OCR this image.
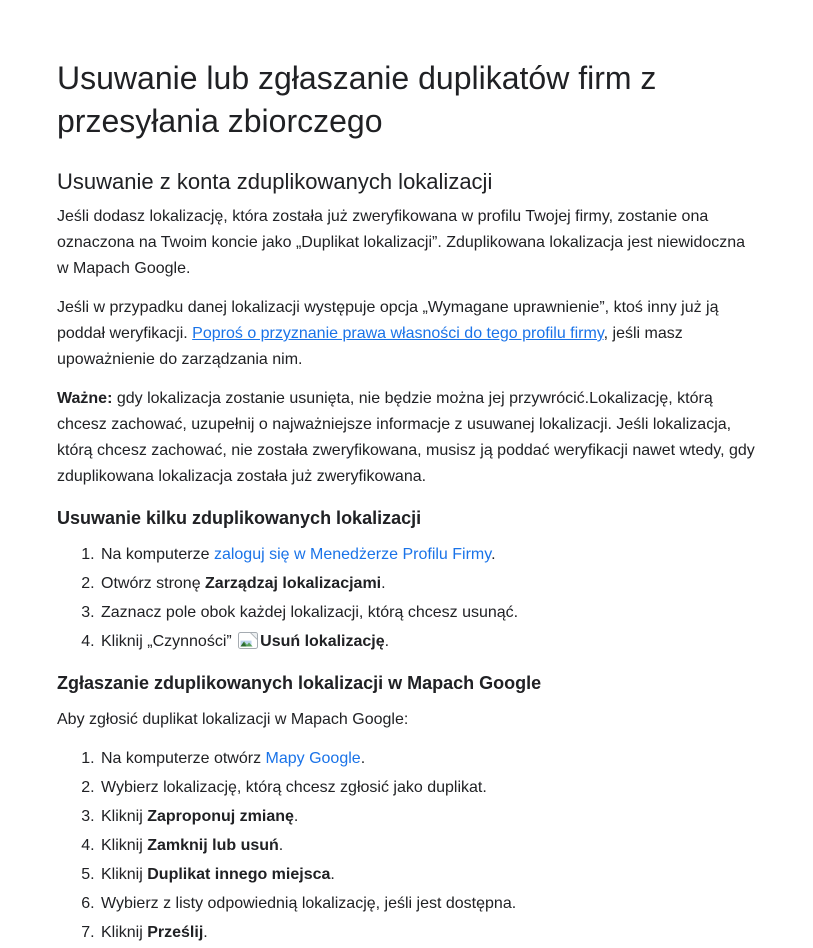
Usuwanie lub zgłaszanie duplikatów firm z przesyłania zbiorczego
Usuwanie z konta zduplikowanych lokalizacji

Jeśli dodasz lokalizację, która została już zweryfikowana w profilu Twojej firmy, zostanie ona oznaczona na Twoim koncie jako „Duplikat lokalizacji”. Zduplikowana lokalizacja jest niewidoczna w Mapach Google.

Jeśli w przypadku danej lokalizacji występuje opcja „Wymagane uprawnienie”, ktoś inny już ją poddał weryfikacji. Poproś o przyznanie prawa własności do tego profilu firmy, jeśli masz upoważnienie do zarządzania nim.

Ważne: gdy lokalizacja zostanie usunięta, nie będzie można jej przywrócić.Lokalizację, którą chcesz zachować, uzupełnij o najważniejsze informacje z usuwanej lokalizacji. Jeśli lokalizacja, którą chcesz zachować, nie została zweryfikowana, musisz ją poddać weryfikacji nawet wtedy, gdy zduplikowana lokalizacja została już zweryfikowana.

Usuwanie kilku zduplikowanych lokalizacji
1. Na komputerze zaloguj się w Menedżerze Profilu Firmy.
2. Otwórz stronę Zarządzaj lokalizacjami.
3. Zaznacz pole obok każdej lokalizacji, którą chcesz usunąć.
4. Kliknij „Czynności” Usuń lokalizację.
Zgłaszanie zduplikowanych lokalizacji w Mapach Google

Aby zgłosić duplikat lokalizacji w Mapach Google:

1. Na komputerze otwórz Mapy Google.
2. Wybierz lokalizację, którą chcesz zgłosić jako duplikat.
3. Kliknij Zaproponuj zmianę.
4. Kliknij Zamknij lub usuń.
5. Kliknij Duplikat innego miejsca.
6. Wybierz z listy odpowiednią lokalizację, jeśli jest dostępna.
7. Kliknij Prześlij.
